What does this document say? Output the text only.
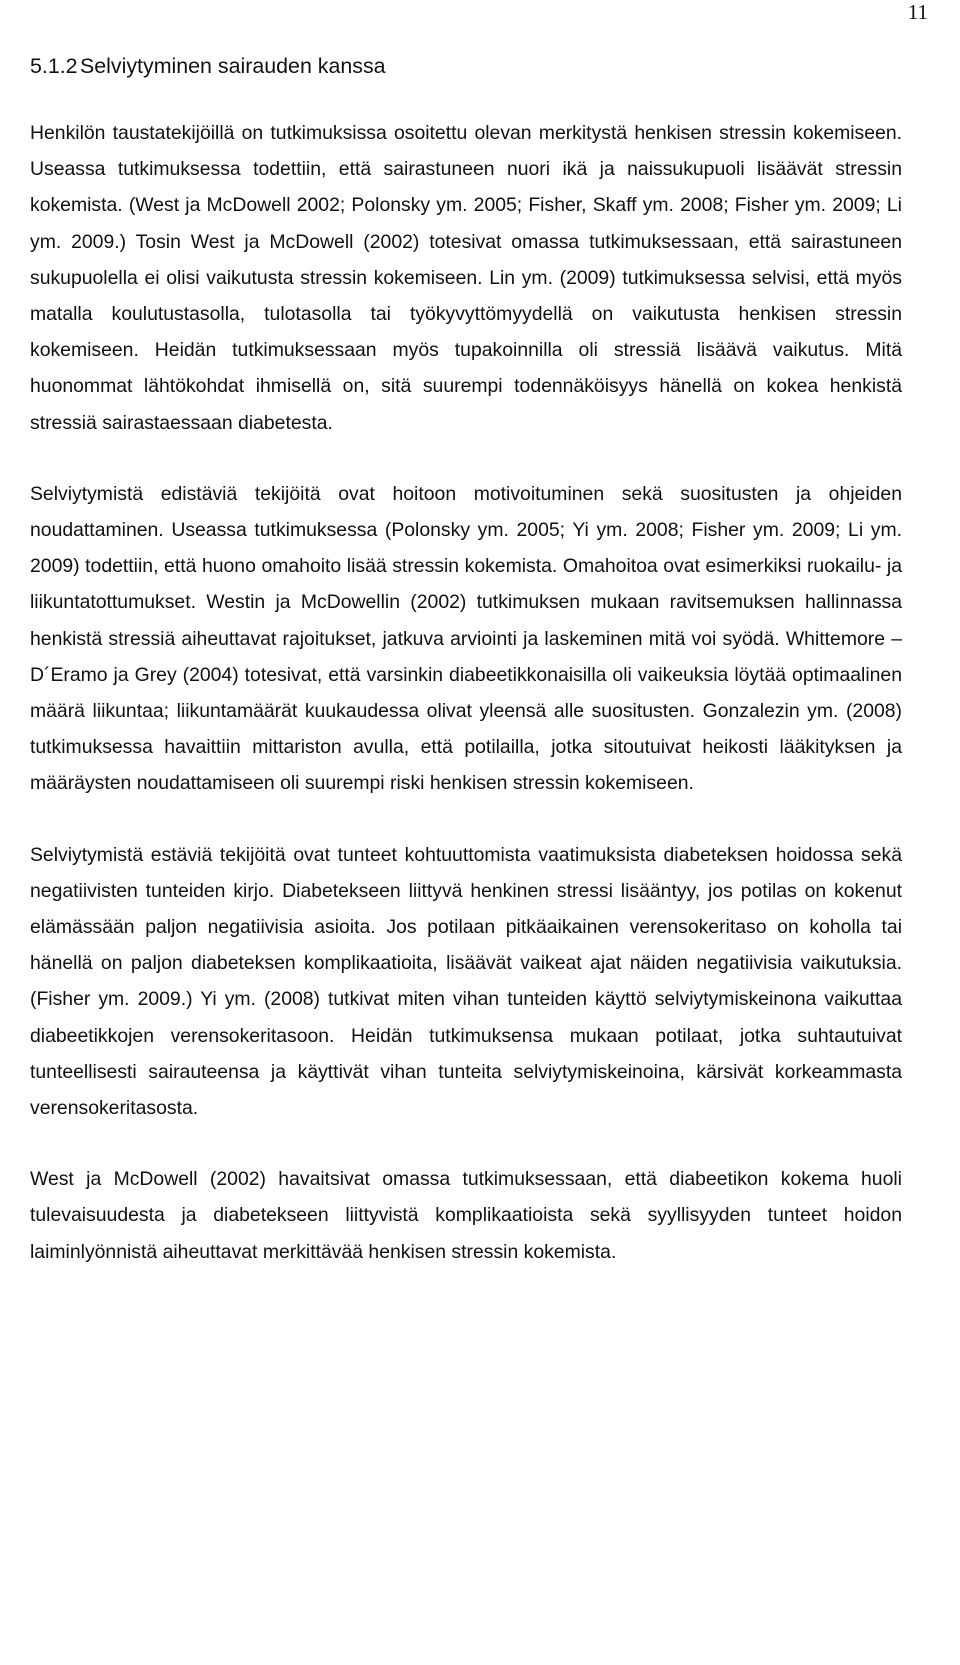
11
5.1.2 Selviytyminen sairauden kanssa

Henkilön taustatekijöillä on tutkimuksissa osoitettu olevan merkitystä henkisen stressin kokemiseen. Useassa tutkimuksessa todettiin, että sairastuneen nuori ikä ja naissukupuoli lisäävät stressin kokemista. (West ja McDowell 2002; Polonsky ym. 2005; Fisher, Skaff ym. 2008; Fisher ym. 2009; Li ym. 2009.) Tosin West ja McDowell (2002) totesivat omassa tutkimuksessaan, että sairastuneen sukupuolella ei olisi vaikutusta stressin kokemiseen. Lin ym. (2009) tutkimuksessa selvisi, että myös matalla koulutustasolla, tulotasolla tai työkyvyttömyydellä on vaikutusta henkisen stressin kokemiseen. Heidän tutkimuksessaan myös tupakoinnilla oli stressiä lisäävä vaikutus. Mitä huonommat lähtökohdat ihmisellä on, sitä suurempi todennäköisyys hänellä on kokea henkistä stressiä sairastaessaan diabetesta.

Selviytymistä edistäviä tekijöitä ovat hoitoon motivoituminen sekä suositusten ja ohjeiden noudattaminen. Useassa tutkimuksessa (Polonsky ym. 2005; Yi ym. 2008; Fisher ym. 2009; Li ym. 2009) todettiin, että huono omahoito lisää stressin kokemista. Omahoitoa ovat esimerkiksi ruokailu- ja liikuntatottumukset. Westin ja McDowellin (2002) tutkimuksen mukaan ravitsemuksen hallinnassa henkistä stressiä aiheuttavat rajoitukset, jatkuva arviointi ja laskeminen mitä voi syödä. Whittemore – D´Eramo ja Grey (2004) totesivat, että varsinkin diabeetikkonaisilla oli vaikeuksia löytää optimaalinen määrä liikuntaa; liikuntamäärät kuukaudessa olivat yleensä alle suositusten. Gonzalezin ym. (2008) tutkimuksessa havaittiin mittariston avulla, että potilailla, jotka sitoutuivat heikosti lääkityksen ja määräysten noudattamiseen oli suurempi riski henkisen stressin kokemiseen.

Selviytymistä estäviä tekijöitä ovat tunteet kohtuuttomista vaatimuksista diabeteksen hoidossa sekä negatiivisten tunteiden kirjo. Diabetekseen liittyvä henkinen stressi lisääntyy, jos potilas on kokenut elämässään paljon negatiivisia asioita. Jos potilaan pitkäaikainen verensokeritaso on koholla tai hänellä on paljon diabeteksen komplikaatioita, lisäävät vaikeat ajat näiden negatiivisia vaikutuksia. (Fisher ym. 2009.) Yi ym. (2008) tutkivat miten vihan tunteiden käyttö selviytymiskeinona vaikuttaa diabeetikkojen verensokeritasoon. Heidän tutkimuksensa mukaan potilaat, jotka suhtautuivat tunteellisesti sairauteensa ja käyttivät vihan tunteita selviytymiskeinoina, kärsivät korkeammasta verensokeritasosta.

West ja McDowell (2002) havaitsivat omassa tutkimuksessaan, että diabeetikon kokema huoli tulevaisuudesta ja diabetekseen liittyvistä komplikaatioista sekä syyllisyyden tunteet hoidon laiminlyönnistä aiheuttavat merkittävää henkisen stressin kokemista.
